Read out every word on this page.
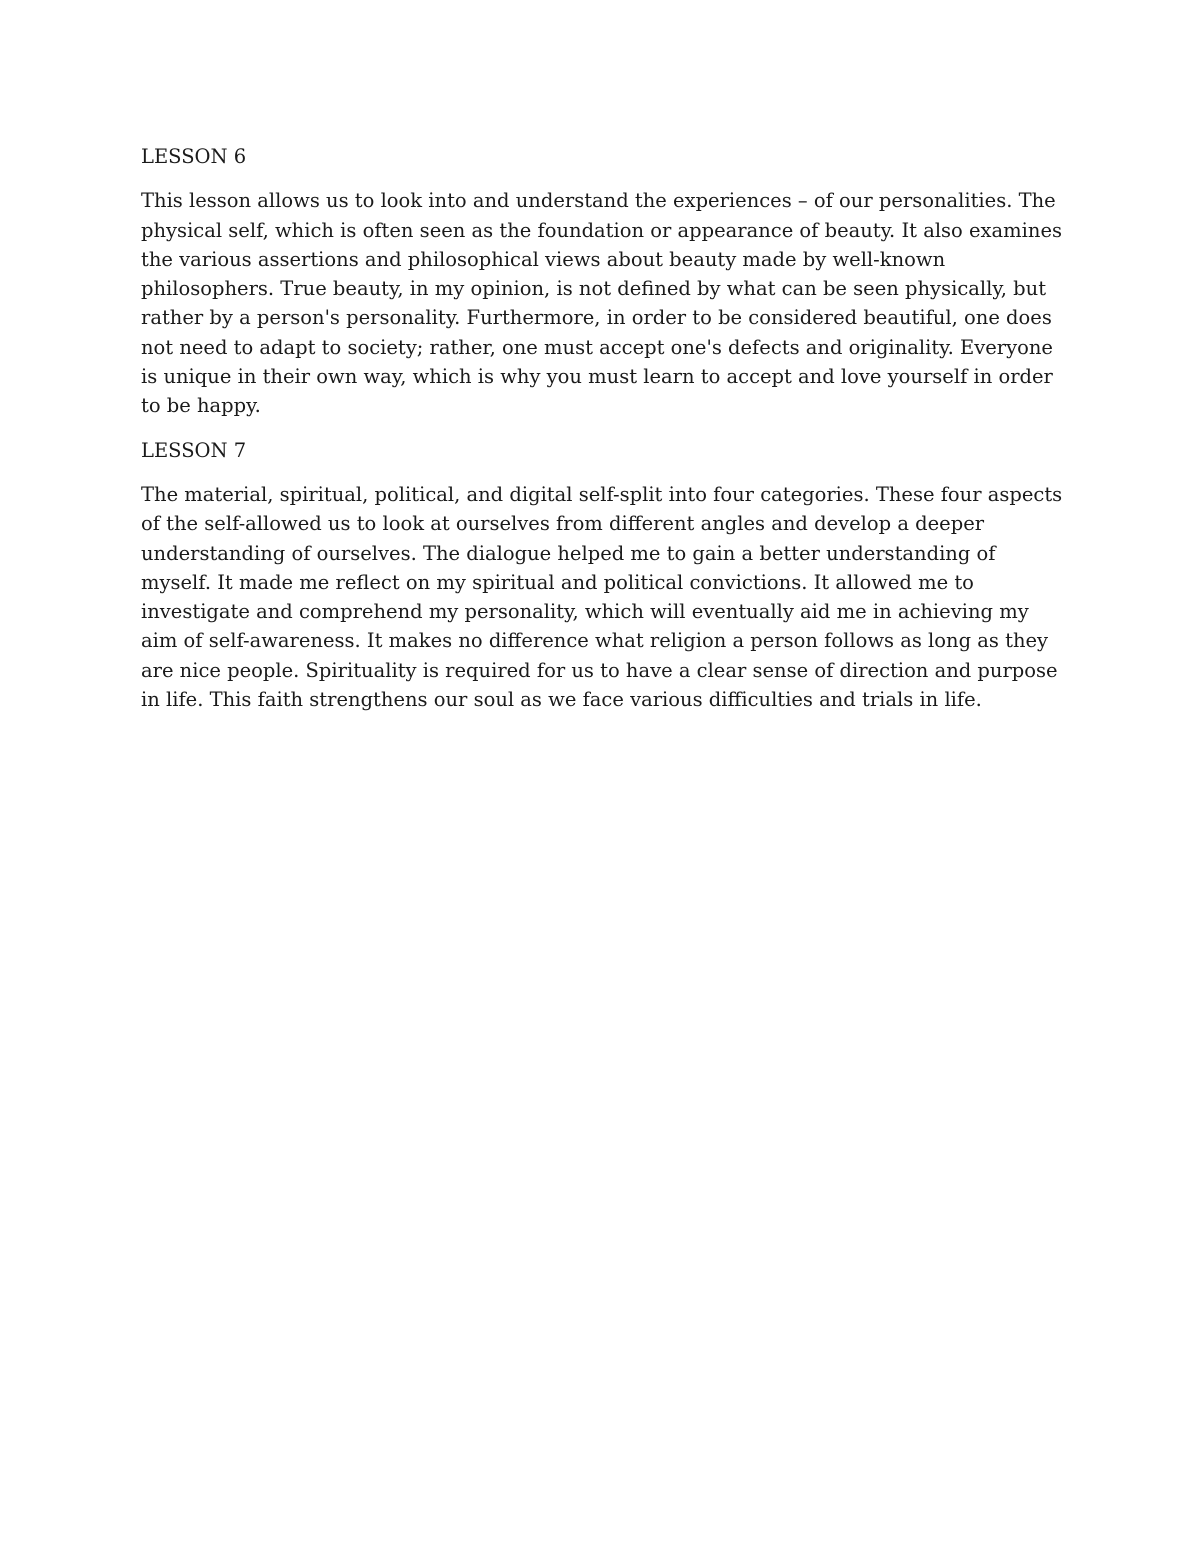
LESSON 6
This lesson allows us to look into and understand the experiences – of our personalities. The physical self, which is often seen as the foundation or appearance of beauty. It also examines the various assertions and philosophical views about beauty made by well-known philosophers. True beauty, in my opinion, is not defined by what can be seen physically, but rather by a person's personality. Furthermore, in order to be considered beautiful, one does not need to adapt to society; rather, one must accept one's defects and originality. Everyone is unique in their own way, which is why you must learn to accept and love yourself in order to be happy.
LESSON 7
The material, spiritual, political, and digital self-split into four categories. These four aspects of the self-allowed us to look at ourselves from different angles and develop a deeper understanding of ourselves. The dialogue helped me to gain a better understanding of myself. It made me reflect on my spiritual and political convictions. It allowed me to investigate and comprehend my personality, which will eventually aid me in achieving my aim of self-awareness. It makes no difference what religion a person follows as long as they are nice people. Spirituality is required for us to have a clear sense of direction and purpose in life. This faith strengthens our soul as we face various difficulties and trials in life.
